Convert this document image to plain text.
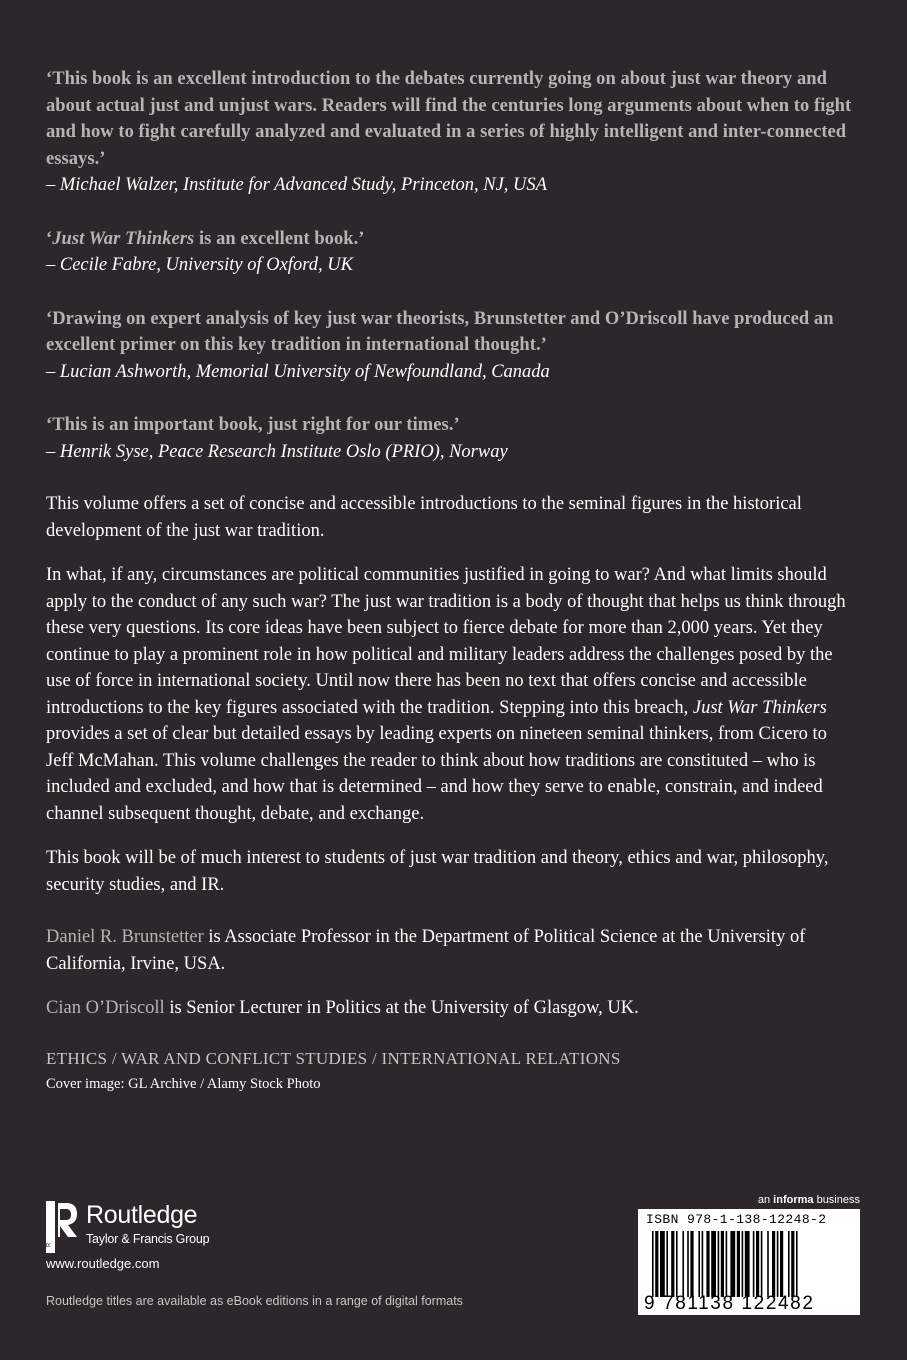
‘This book is an excellent introduction to the debates currently going on about just war theory and about actual just and unjust wars. Readers will find the centuries long arguments about when to fight and how to fight carefully analyzed and evaluated in a series of highly intelligent and inter-connected essays.’
– Michael Walzer, Institute for Advanced Study, Princeton, NJ, USA
‘Just War Thinkers is an excellent book.’
– Cecile Fabre, University of Oxford, UK
‘Drawing on expert analysis of key just war theorists, Brunstetter and O’Driscoll have produced an excellent primer on this key tradition in international thought.’
– Lucian Ashworth, Memorial University of Newfoundland, Canada
‘This is an important book, just right for our times.’
– Henrik Syse, Peace Research Institute Oslo (PRIO), Norway

This volume offers a set of concise and accessible introductions to the seminal figures in the historical development of the just war tradition.

In what, if any, circumstances are political communities justified in going to war? And what limits should apply to the conduct of any such war? The just war tradition is a body of thought that helps us think through these very questions. Its core ideas have been subject to fierce debate for more than 2,000 years. Yet they continue to play a prominent role in how political and military leaders address the challenges posed by the use of force in international society. Until now there has been no text that offers concise and accessible introductions to the key figures associated with the tradition. Stepping into this breach, Just War Thinkers provides a set of clear but detailed essays by leading experts on nineteen seminal thinkers, from Cicero to Jeff McMahan. This volume challenges the reader to think about how traditions are constituted – who is included and excluded, and how that is determined – and how they serve to enable, constrain, and indeed channel subsequent thought, debate, and exchange.

This book will be of much interest to students of just war tradition and theory, ethics and war, philosophy, security studies, and IR.

Daniel R. Brunstetter is Associate Professor in the Department of Political Science at the University of California, Irvine, USA.

Cian O’Driscoll is Senior Lecturer in Politics at the University of Glasgow, UK.

ETHICS / WAR AND CONFLICT STUDIES / INTERNATIONAL RELATIONS
Cover image: GL Archive / Alamy Stock Photo
R
Routledge
Taylor & Francis Group
www.routledge.com
Routledge titles are available as eBook editions in a range of digital formats
an informa business
ISBN 978-1-138-12248-2
9 781138 122482
